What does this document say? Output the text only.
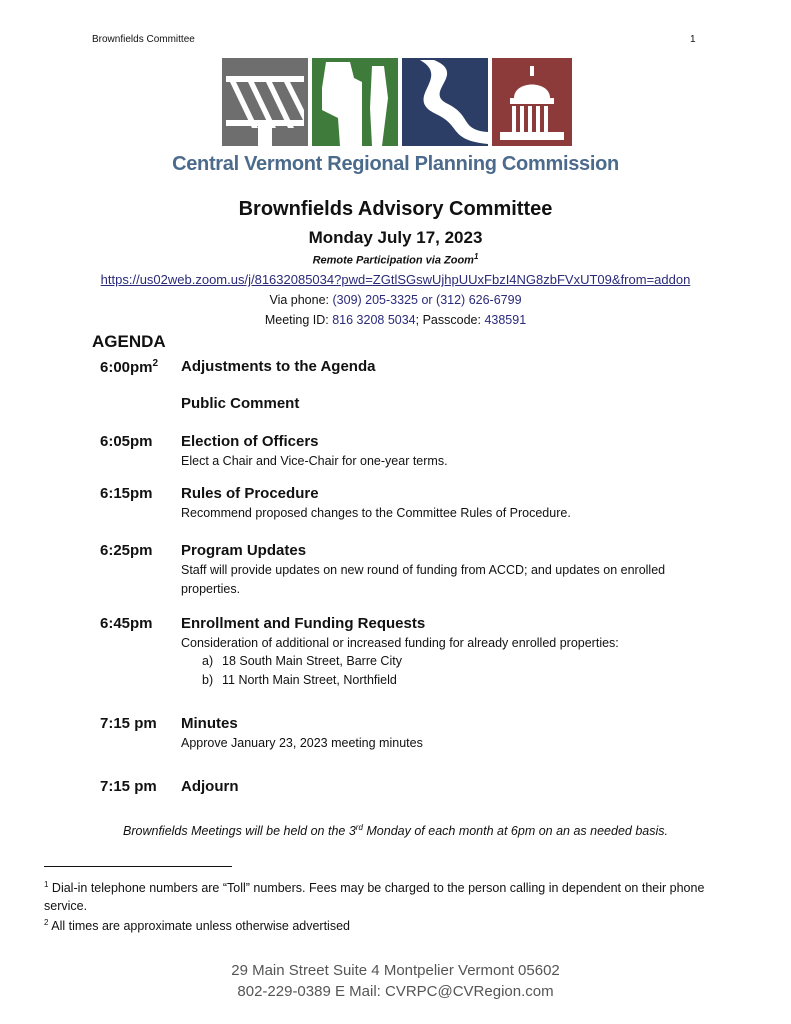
Brownfields Committee	1
Central Vermont Regional Planning Commission
Brownfields Advisory Committee
Monday July 17, 2023
Remote Participation via Zoom$^1$
https://us02web.zoom.us/j/81632085034?pwd=ZGtlSGswUjhpUUxFbzI4NG8zbFVxUT09&from=addon
Via phone: (309) 205-3325 or (312) 626-6799
Meeting ID: 816 3208 5034; Passcode: 438591
AGENDA
$6:00pm^2$ Adjustments to the Agenda
Public Comment
6:05pm Election of Officers
Elect a Chair and Vice-Chair for one-year terms.
6:15pm Rules of Procedure
Recommend proposed changes to the Committee Rules of Procedure.
6:25pm Program Updates
Staff will provide updates on new round of funding from ACCD; and updates on enrolled properties.
6:45pm Enrollment and Funding Requests
Consideration of additional or increased funding for already enrolled properties:
a) 18 South Main Street, Barre City
b) 11 North Main Street, Northfield
7:15 pm Minutes
Approve January 23, 2023 meeting minutes
7:15 pm Adjourn
Brownfields Meetings will be held on the 3rd Monday of each month at 6pm on an as needed basis.
$^1$ Dial-in telephone numbers are “Toll” numbers. Fees may be charged to the person calling in dependent on their phone service.
$^2$ All times are approximate unless otherwise advertised
29 Main Street Suite 4 Montpelier Vermont 05602
802-229-0389 E Mail: CVRPC@CVRegion.com
